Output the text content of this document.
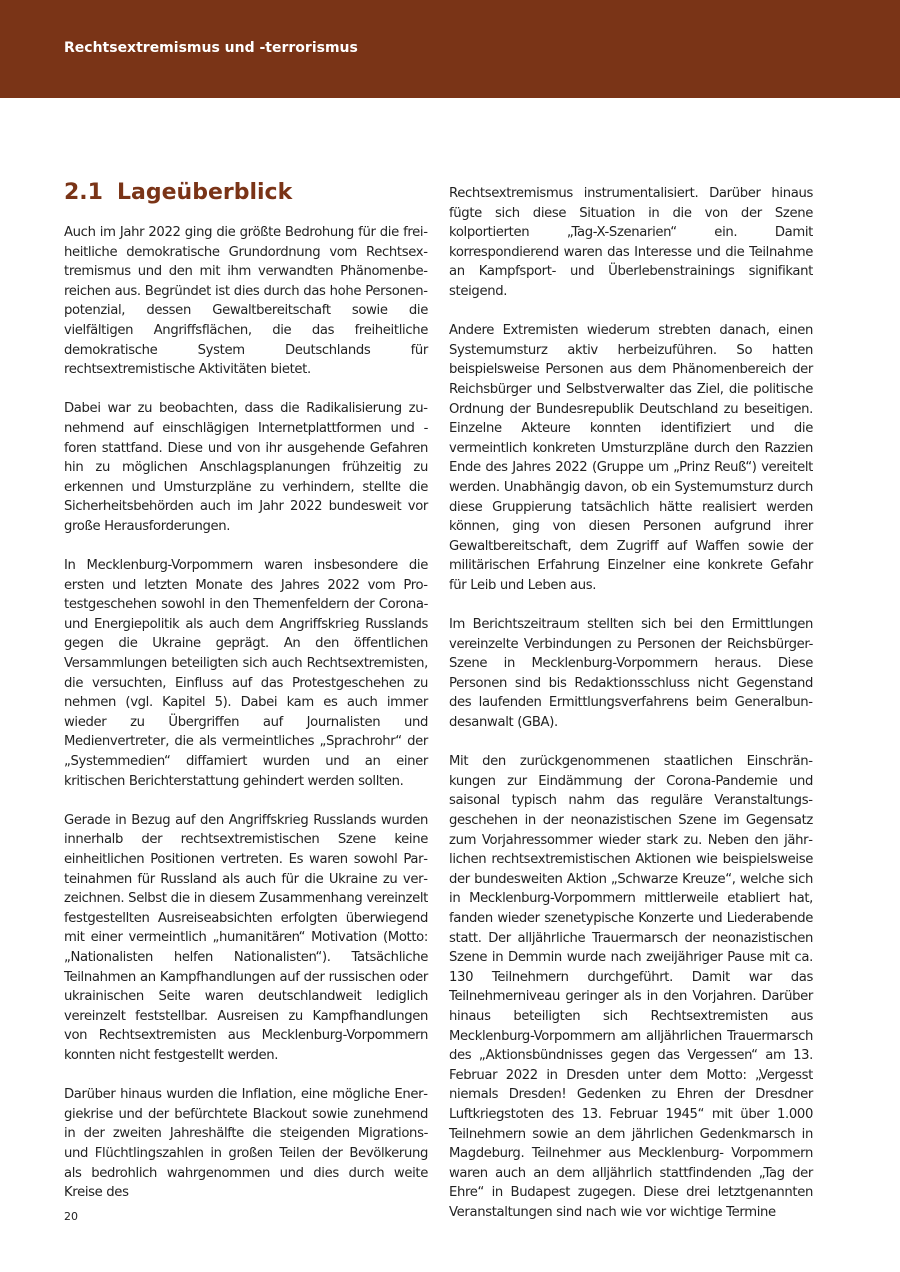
Rechtsextremismus und -terrorismus
2.1 Lageüberblick

Auch im Jahr 2022 ging die größte Bedrohung für die freiheitliche demokratische Grundordnung vom Rechtsextremismus und den mit ihm verwandten Phänomenbereichen aus. Begründet ist dies durch das hohe Personenpotenzial, dessen Gewaltbereitschaft sowie die vielfältigen Angriffsflächen, die das freiheitliche demokratische System Deutschlands für rechtsextremistische Aktivitäten bietet.

Dabei war zu beobachten, dass die Radikalisierung zunehmend auf einschlägigen Internetplattformen und -foren stattfand. Diese und von ihr ausgehende Gefahren hin zu möglichen Anschlagsplanungen frühzeitig zu erkennen und Umsturzpläne zu verhindern, stellte die Sicherheitsbehörden auch im Jahr 2022 bundesweit vor große Herausforderungen.

In Mecklenburg-Vorpommern waren insbesondere die ersten und letzten Monate des Jahres 2022 vom Protestgeschehen sowohl in den Themenfeldern der Corona- und Energiepolitik als auch dem Angriffskrieg Russlands gegen die Ukraine geprägt. An den öffentlichen Versammlungen beteiligten sich auch Rechtsextremisten, die versuchten, Einfluss auf das Protestgeschehen zu nehmen (vgl. Kapitel 5). Dabei kam es auch immer wieder zu Übergriffen auf Journalisten und Medienvertreter, die als vermeintliches „Sprachrohr“ der „Systemmedien“ diffamiert wurden und an einer kritischen Berichterstattung gehindert werden sollten.

Gerade in Bezug auf den Angriffskrieg Russlands wurden innerhalb der rechtsextremistischen Szene keine einheitlichen Positionen vertreten. Es waren sowohl Parteinahmen für Russland als auch für die Ukraine zu verzeichnen. Selbst die in diesem Zusammenhang vereinzelt festgestellten Ausreiseabsichten erfolgten überwiegend mit einer vermeintlich „humanitären“ Motivation (Motto: „Nationalisten helfen Nationalisten“). Tatsächliche Teilnahmen an Kampfhandlungen auf der russischen oder ukrainischen Seite waren deutschlandweit lediglich vereinzelt feststellbar. Ausreisen zu Kampfhandlungen von Rechtsextremisten aus Mecklenburg-Vorpommern konnten nicht festgestellt werden.

Darüber hinaus wurden die Inflation, eine mögliche Energiekrise und der befürchtete Blackout sowie zunehmend in der zweiten Jahreshälfte die steigenden Migrations- und Flüchtlingszahlen in großen Teilen der Bevölkerung als bedrohlich wahrgenommen und dies durch weite Kreise des

Rechtsextremismus instrumentalisiert. Darüber hinaus fügte sich diese Situation in die von der Szene kolportierten „Tag-X-Szenarien“ ein. Damit korrespondierend waren das Interesse und die Teilnahme an Kampfsport- und Überlebenstrainings signifikant steigend.

Andere Extremisten wiederum strebten danach, einen Systemumsturz aktiv herbeizuführen. So hatten beispielsweise Personen aus dem Phänomenbereich der Reichsbürger und Selbstverwalter das Ziel, die politische Ordnung der Bundesrepublik Deutschland zu beseitigen. Einzelne Akteure konnten identifiziert und die vermeintlich konkreten Umsturzpläne durch den Razzien Ende des Jahres 2022 (Gruppe um „Prinz Reuß“) vereitelt werden. Unabhängig davon, ob ein Systemumsturz durch diese Gruppierung tatsächlich hätte realisiert werden können, ging von diesen Personen aufgrund ihrer Gewaltbereitschaft, dem Zugriff auf Waffen sowie der militärischen Erfahrung Einzelner eine konkrete Gefahr für Leib und Leben aus.

Im Berichtszeitraum stellten sich bei den Ermittlungen vereinzelte Verbindungen zu Personen der Reichsbürger-Szene in Mecklenburg-Vorpommern heraus. Diese Personen sind bis Redaktionsschluss nicht Gegenstand des laufenden Ermittlungsverfahrens beim Generalbundesanwalt (GBA).

Mit den zurückgenommenen staatlichen Einschränkungen zur Eindämmung der Corona-Pandemie und saisonal typisch nahm das reguläre Veranstaltungsgeschehen in der neonazistischen Szene im Gegensatz zum Vorjahressommer wieder stark zu. Neben den jährlichen rechtsextremistischen Aktionen wie beispielsweise der bundesweiten Aktion „Schwarze Kreuze“, welche sich in Mecklenburg-Vorpommern mittlerweile etabliert hat, fanden wieder szenetypische Konzerte und Liederabende statt. Der alljährliche Trauermarsch der neonazistischen Szene in Demmin wurde nach zweijähriger Pause mit ca. 130 Teilnehmern durchgeführt. Damit war das Teilnehmerniveau geringer als in den Vorjahren. Darüber hinaus beteiligten sich Rechtsextremisten aus Mecklenburg-Vorpommern am alljährlichen Trauermarsch des „Aktionsbündnisses gegen das Vergessen“ am 13. Februar 2022 in Dresden unter dem Motto: „Vergesst niemals Dresden! Gedenken zu Ehren der Dresdner Luftkriegstoten des 13. Februar 1945“ mit über 1.000 Teilnehmern sowie an dem jährlichen Gedenkmarsch in Magdeburg. Teilnehmer aus Mecklenburg- Vorpommern waren auch an dem alljährlich stattfindenden „Tag der Ehre“ in Budapest zugegen. Diese drei letztgenannten Veranstaltungen sind nach wie vor wichtige Termine

20
